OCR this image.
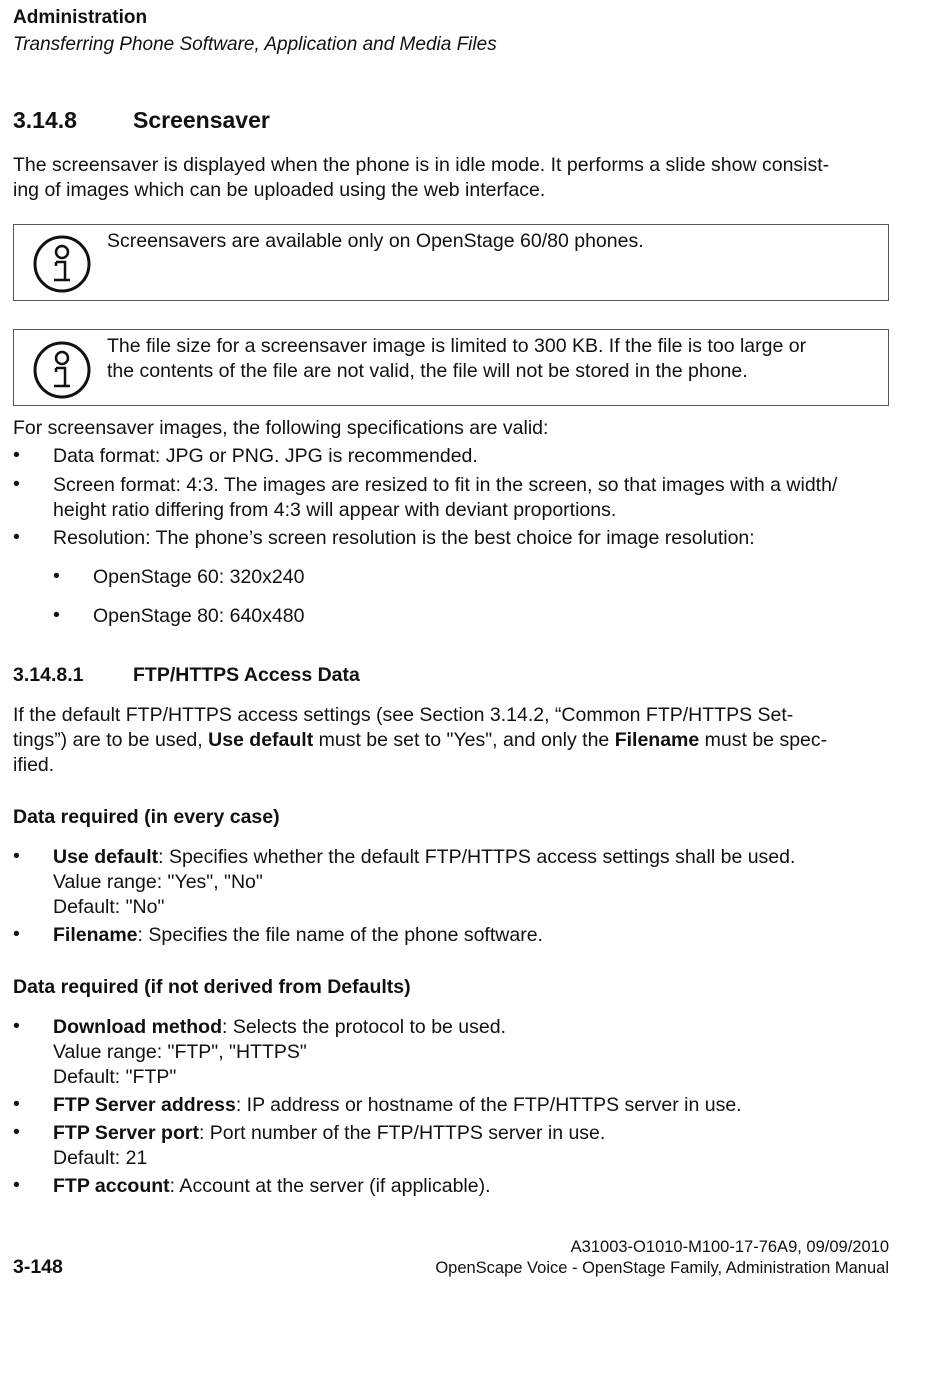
Administration
Transferring Phone Software, Application and Media Files
3.14.8 Screensaver
The screensaver is displayed when the phone is in idle mode. It performs a slide show consist-
ing of images which can be uploaded using the web interface.
Screensavers are available only on OpenStage 60/80 phones.
The file size for a screensaver image is limited to 300 KB. If the file is too large or
the contents of the file are not valid, the file will not be stored in the phone.
For screensaver images, the following specifications are valid:
• Data format: JPG or PNG. JPG is recommended.
• Screen format: 4:3. The images are resized to fit in the screen, so that images with a width/
height ratio differing from 4:3 will appear with deviant proportions.
• Resolution: The phone’s screen resolution is the best choice for image resolution:
• OpenStage 60: 320x240
• OpenStage 80: 640x480
3.14.8.1	FTP/HTTPS Access Data
If the default FTP/HTTPS access settings (see Section 3.14.2, “Common FTP/HTTPS Set-
tings”) are to be used, Use default must be set to "Yes", and only the Filename must be spec-
ified.
Data required (in every case)
• Use default: Specifies whether the default FTP/HTTPS access settings shall be used.
Value range: "Yes", "No"
Default: "No"
• Filename: Specifies the file name of the phone software.
Data required (if not derived from Defaults)
• Download method: Selects the protocol to be used.
Value range: "FTP", "HTTPS"
Default: "FTP"
• FTP Server address: IP address or hostname of the FTP/HTTPS server in use.
• FTP Server port: Port number of the FTP/HTTPS server in use.
Default: 21
• FTP account: Account at the server (if applicable).
A31003-O1010-M100-17-76A9, 09/09/2010
OpenScape Voice - OpenStage Family, Administration Manual
3-148
